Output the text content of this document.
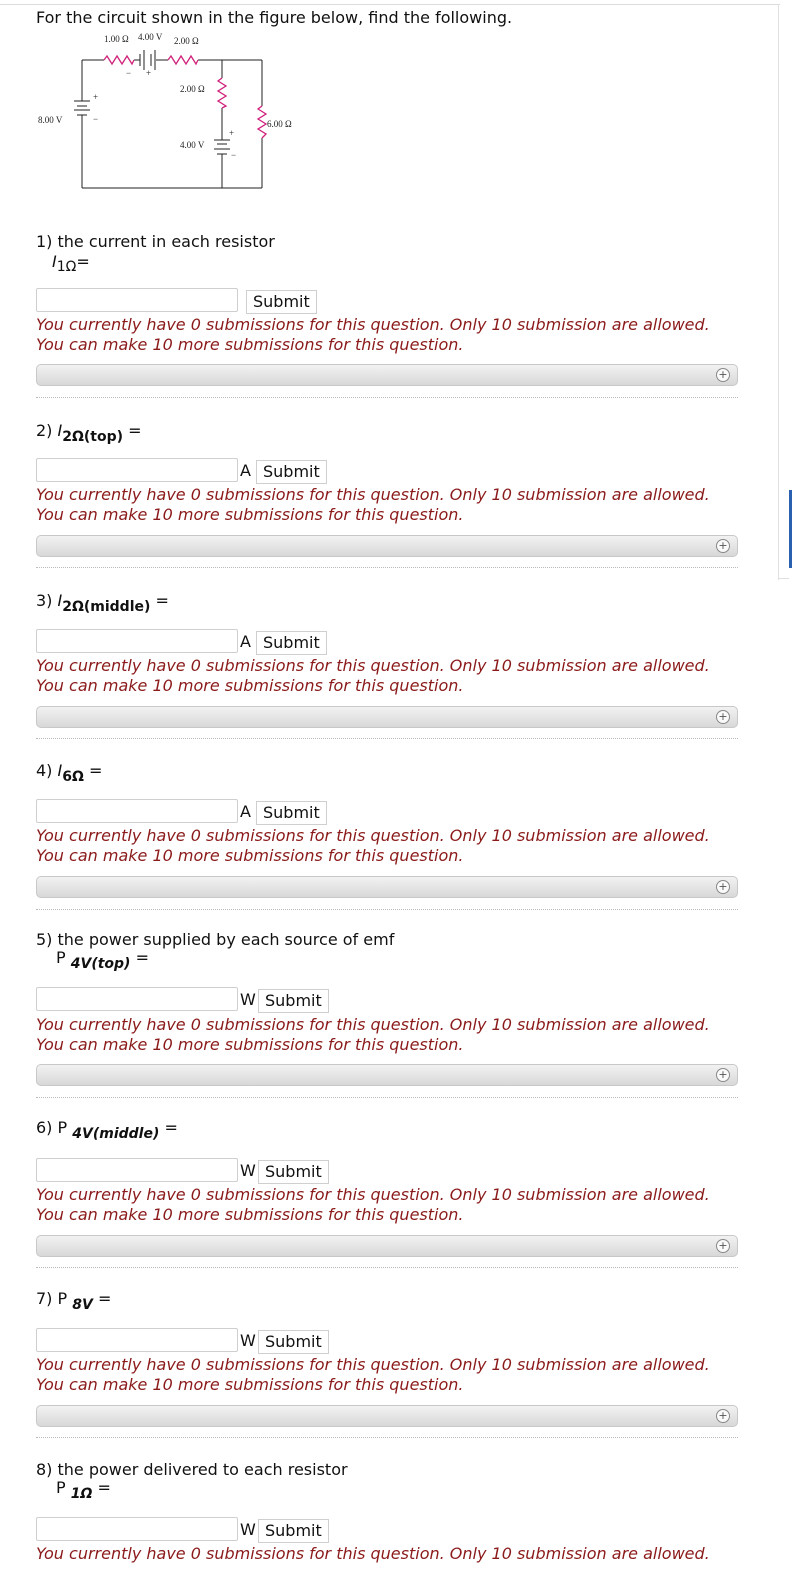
For the circuit shown in the figure below, find the following.
1.00 Ω 4.00 V 2.00 Ω
2.00 Ω
8.00 V	6.00 Ω
4.00 V
+
−
+
−
+
−
1) the current in each resistor
I1Ω=
Submit
You currently have 0 submissions for this question. Only 10 submission are allowed.
You can make 10 more submissions for this question.
+
2) I2Ω(top) =
A Submit
You currently have 0 submissions for this question. Only 10 submission are allowed.
You can make 10 more submissions for this question.
+
3) I2Ω(middle) =
A Submit
You currently have 0 submissions for this question. Only 10 submission are allowed.
You can make 10 more submissions for this question.
+
4) I6Ω =
A Submit
You currently have 0 submissions for this question. Only 10 submission are allowed.
You can make 10 more submissions for this question.
+
5) the power supplied by each source of emf
P 4V(top) =
W Submit
You currently have 0 submissions for this question. Only 10 submission are allowed.
You can make 10 more submissions for this question.
+
6) P 4V(middle) =
W Submit
You currently have 0 submissions for this question. Only 10 submission are allowed.
You can make 10 more submissions for this question.
+
7) P 8V =
W Submit
You currently have 0 submissions for this question. Only 10 submission are allowed.
You can make 10 more submissions for this question.
+
8) the power delivered to each resistor
P 1Ω =
W Submit
You currently have 0 submissions for this question. Only 10 submission are allowed.
